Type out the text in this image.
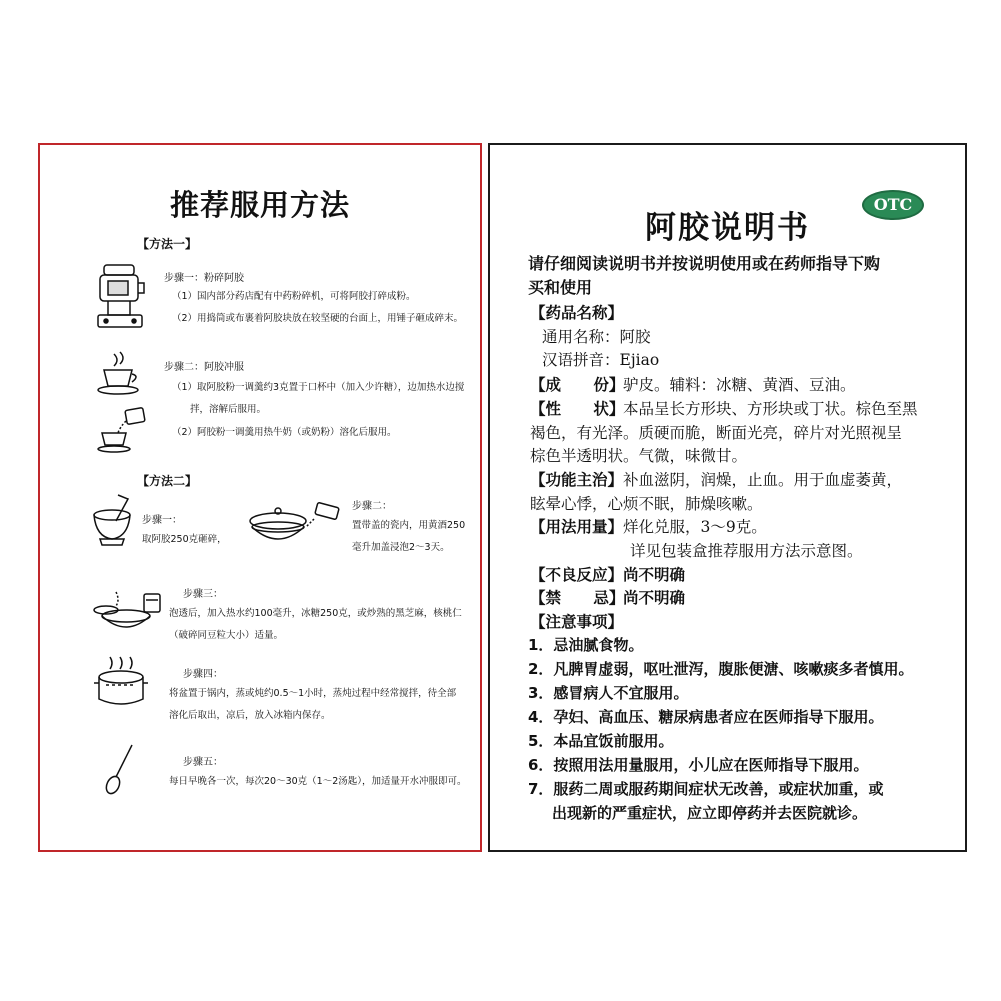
推荐服用方法
【方法一】
步骤一：粉碎阿胶
（1）国内部分药店配有中药粉碎机，可将阿胶打碎成粉。
（2）用捣筒或布裹着阿胶块放在较坚硬的台面上，用锤子砸成碎末。
步骤二：阿胶冲服
（1）取阿胶粉一调羹约3克置于口杯中（加入少许糖），边加热水边搅
拌，溶解后服用。
（2）阿胶粉一调羹用热牛奶（或奶粉）溶化后服用。
【方法二】
步骤一：
取阿胶250克砸碎，
步骤二：
置带盖的瓷内，用黄酒250
毫升加盖浸泡2～3天。
步骤三：
泡透后，加入热水约100毫升，冰糖250克，或炒熟的黑芝麻，核桃仁
（破碎同豆粒大小）适量。
步骤四：
将盆置于锅内，蒸或炖约0.5～1小时，蒸炖过程中经常搅拌，待全部
溶化后取出，凉后，放入冰箱内保存。
步骤五：
每日早晚各一次，每次20～30克（1～2汤匙），加适量开水冲服即可。
OTC
阿胶说明书
请仔细阅读说明书并按说明使用或在药师指导下购
买和使用
【药品名称】
通用名称：阿胶
汉语拼音：Ejiao
【成      份】
驴皮。辅料：冰糖、黄酒、豆油。
【性      状】
本品呈长方形块、方形块或丁状。棕色至黑
褐色，有光泽。质硬而脆，断面光亮，碎片对光照视呈
棕色半透明状。气微，味微甘。
【功能主治】 补血滋阴，润燥，止血。用于血虚萎黄，
眩晕心悸，心烦不眠，肺燥咳嗽。
【用法用量】 烊化兑服，3～9克。
详见包装盒推荐服用方法示意图。
【不良反应】 尚不明确
【禁      忌】
尚不明确
【注意事项】
1．忌油腻食物。
2．凡脾胃虚弱，呕吐泄泻，腹胀便溏、咳嗽痰多者慎用。
3．感冒病人不宜服用。
4．孕妇、高血压、糖尿病患者应在医师指导下服用。
5．本品宜饭前服用。
6．按照用法用量服用，小儿应在医师指导下服用。
7．服药二周或服药期间症状无改善，或症状加重，或
出现新的严重症状，应立即停药并去医院就诊。
